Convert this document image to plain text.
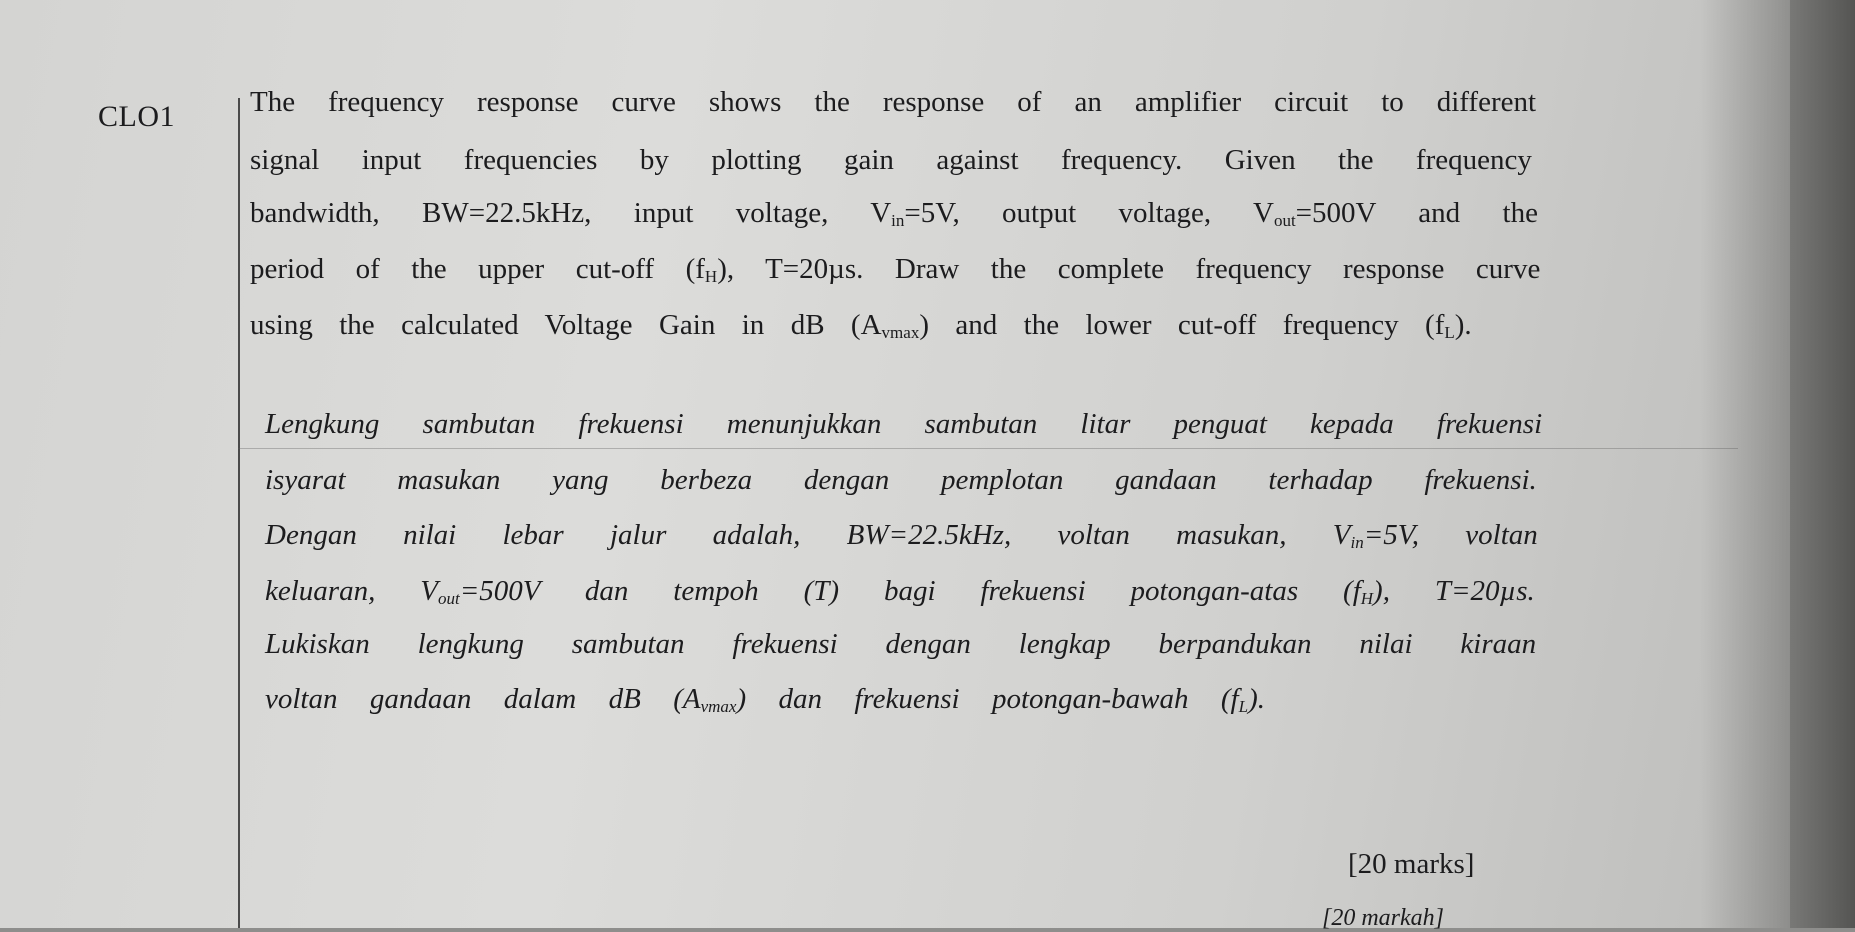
CLO1	The frequency response curve shows the response of an amplifier circuit to different
signal input frequencies by plotting gain against frequency. Given the frequency
bandwidth, BW=22.5kHz, input voltage, $V_{in}=5V$, output voltage, $V_{out}=500V$ and the
period of the upper cut-off $(f_H)$, T=20µs. Draw the complete frequency response curve
using the calculated Voltage Gain in dB $(A_{vmax})$ and the lower cut-off frequency $(f_L)$.
Lengkung sambutan frekuensi menunjukkan sambutan litar penguat kepada frekuensi
isyarat masukan yang berbeza dengan pemplotan gandaan terhadap frekuensi.
Dengan nilai lebar jalur adalah, BW=22.5kHz, voltan masukan, $V_{in}=5V$, voltan
keluaran, $V_{out}=500V$ dan tempoh (T) bagi frekuensi potongan-atas $(f_H)$, T=20µs.
Lukiskan lengkung sambutan frekuensi dengan lengkap berpandukan nilai kiraan
voltan gandaan dalam dB $(A_{vmax})$ dan frekuensi potongan-bawah $(f_L)$.
[20 marks]
[20 markah]
